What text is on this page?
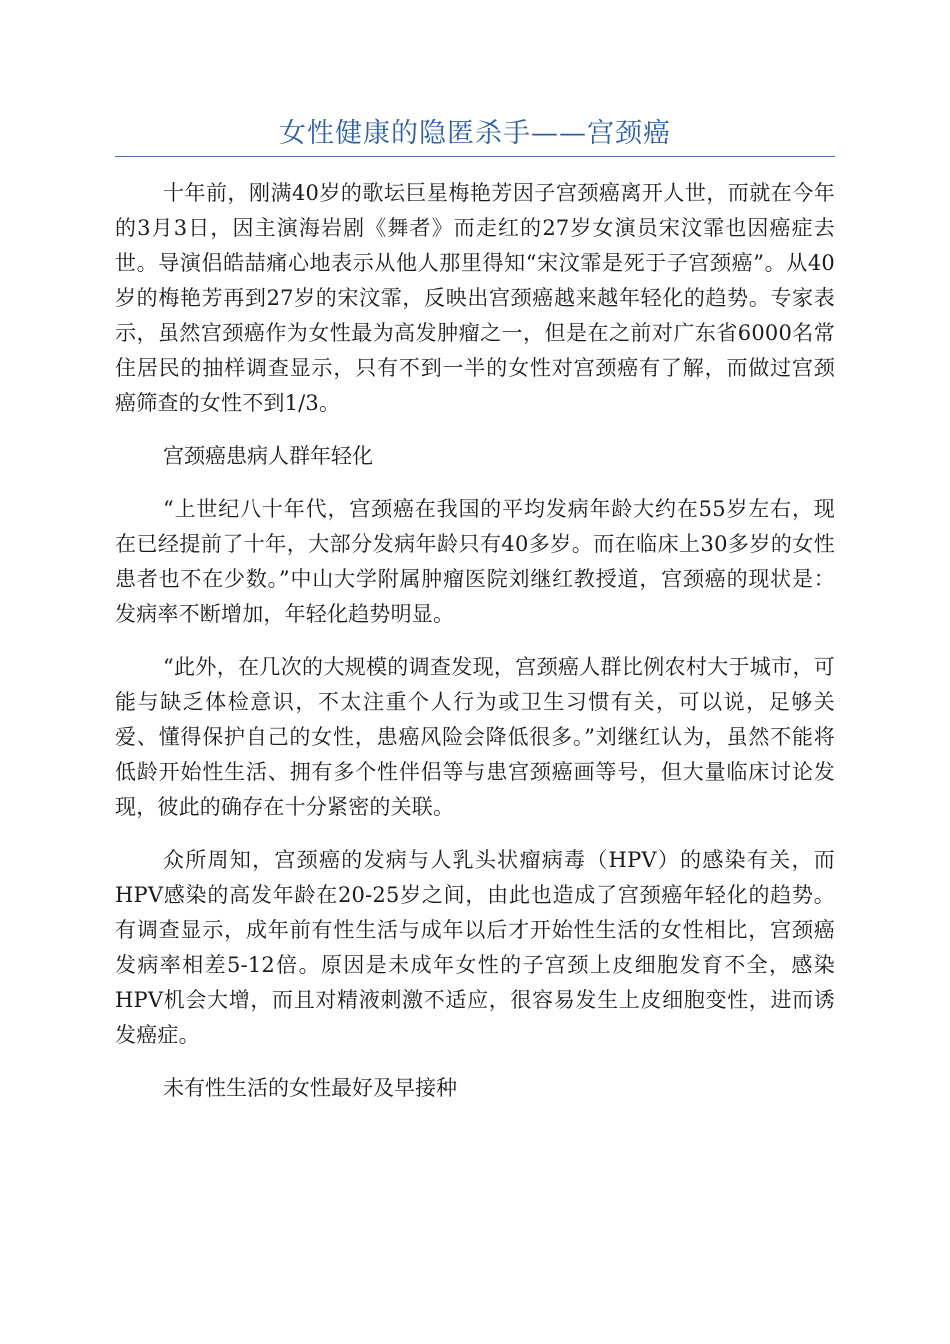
女性健康的隐匿杀手——宫颈癌

十年前，刚满40岁的歌坛巨星梅艳芳因子宫颈癌离开人世，而就在今年的3月3日，因主演海岩剧《舞者》而走红的27岁女演员宋汶霏也因癌症去世。导演侣皓喆痛心地表示从他人那里得知“宋汶霏是死于子宫颈癌”。从40岁的梅艳芳再到27岁的宋汶霏，反映出宫颈癌越来越年轻化的趋势。专家表示，虽然宫颈癌作为女性最为高发肿瘤之一，但是在之前对广东省6000名常住居民的抽样调查显示，只有不到一半的女性对宫颈癌有了解，而做过宫颈癌筛查的女性不到1/3。

宫颈癌患病人群年轻化

“上世纪八十年代，宫颈癌在我国的平均发病年龄大约在55岁左右，现在已经提前了十年，大部分发病年龄只有40多岁。而在临床上30多岁的女性患者也不在少数。”中山大学附属肿瘤医院刘继红教授道，宫颈癌的现状是：发病率不断增加，年轻化趋势明显。

“此外，在几次的大规模的调查发现，宫颈癌人群比例农村大于城市，可能与缺乏体检意识，不太注重个人行为或卫生习惯有关，可以说，足够关爱、懂得保护自己的女性，患癌风险会降低很多。”刘继红认为，虽然不能将低龄开始性生活、拥有多个性伴侣等与患宫颈癌画等号，但大量临床讨论发现，彼此的确存在十分紧密的关联。

众所周知，宫颈癌的发病与人乳头状瘤病毒（HPV）的感染有关，而HPV感染的高发年龄在20-25岁之间，由此也造成了宫颈癌年轻化的趋势。有调查显示，成年前有性生活与成年以后才开始性生活的女性相比，宫颈癌发病率相差5-12倍。原因是未成年女性的子宫颈上皮细胞发育不全，感染HPV机会大增，而且对精液刺激不适应，很容易发生上皮细胞变性，进而诱发癌症。

未有性生活的女性最好及早接种
